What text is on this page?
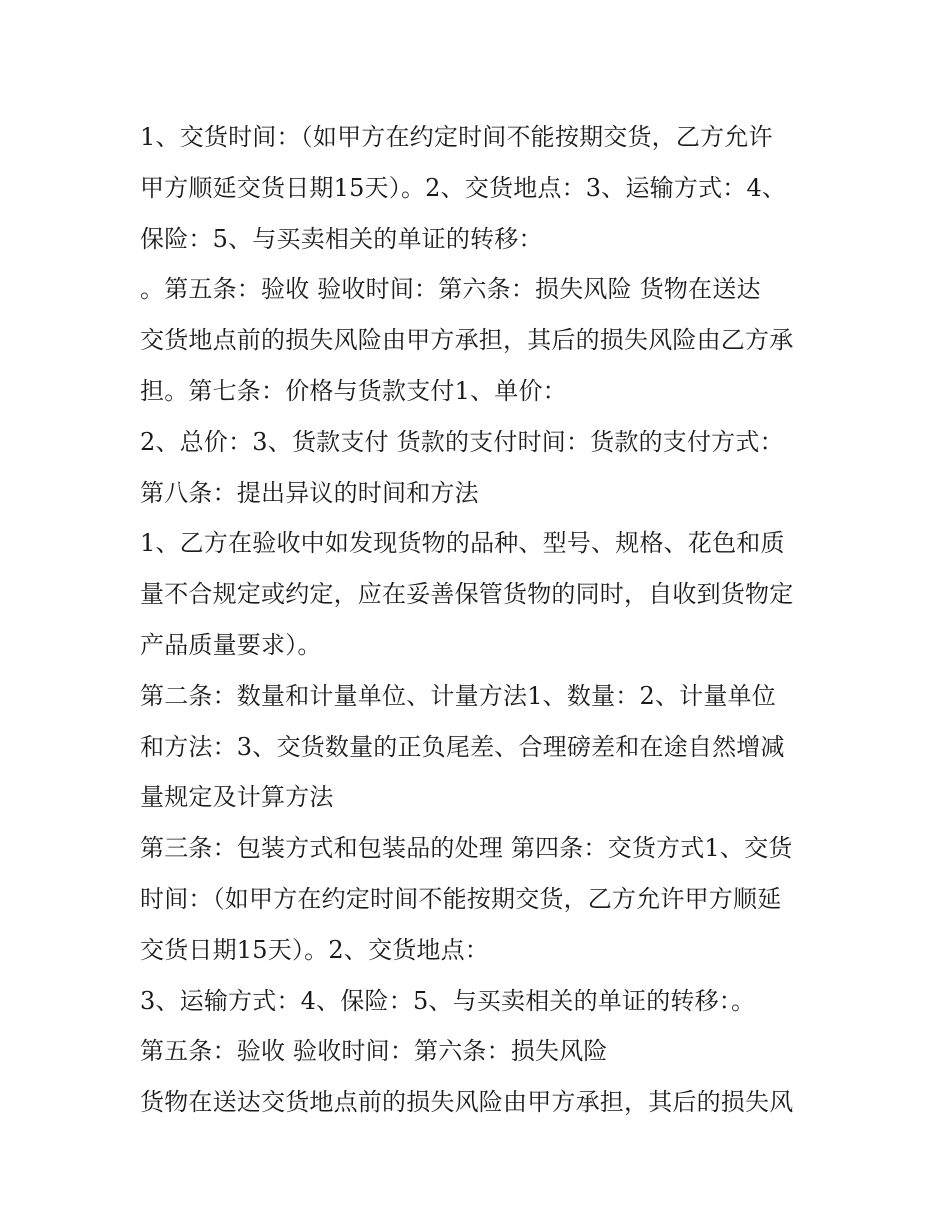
1、交货时间：（如甲方在约定时间不能按期交货，乙方允许
甲方顺延交货日期15天）。2、交货地点：3、运输方式：4、
保险：5、与买卖相关的单证的转移：
。第五条：验收 验收时间：第六条：损失风险 货物在送达
交货地点前的损失风险由甲方承担，其后的损失风险由乙方承
担。第七条：价格与货款支付1、单价：
2、总价：3、货款支付 货款的支付时间：货款的支付方式：
第八条：提出异议的时间和方法
1、乙方在验收中如发现货物的品种、型号、规格、花色和质
量不合规定或约定，应在妥善保管货物的同时，自收到货物定
产品质量要求）。
第二条：数量和计量单位、计量方法1、数量：2、计量单位
和方法：3、交货数量的正负尾差、合理磅差和在途自然增减
量规定及计算方法
第三条：包装方式和包装品的处理 第四条：交货方式1、交货
时间：（如甲方在约定时间不能按期交货，乙方允许甲方顺延
交货日期15天）。2、交货地点：
3、运输方式：4、保险：5、与买卖相关的单证的转移：。
第五条：验收 验收时间：第六条：损失风险
货物在送达交货地点前的损失风险由甲方承担，其后的损失风
